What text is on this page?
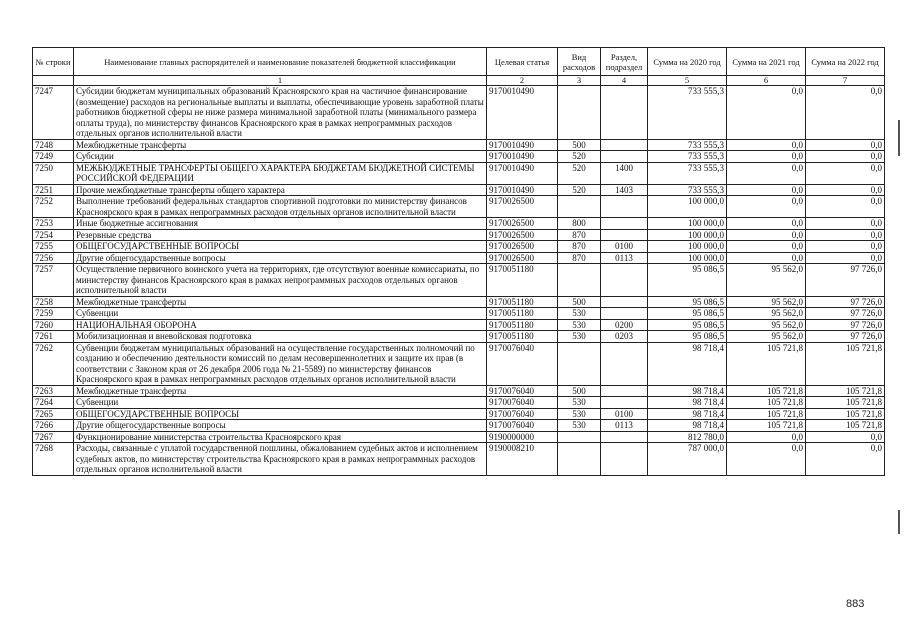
№ строки	Наименование главных распорядителей и наименование показателей бюджетной классификации	Целевая статья	Вид расходов	Раздел, подраздел	Сумма на 2020 год	Сумма на 2021 год	Сумма на 2022 год
	1	2	3	4	5	6	7
7247	Субсидии бюджетам муниципальных образований Красноярского края на частичное финансирование (возмещение) расходов на региональные выплаты и выплаты, обеспечивающие уровень заработной платы работников бюджетной сферы не ниже размера минимальной заработной платы (минимального размера оплаты труда), по министерству финансов Красноярского края в рамках непрограммных расходов отдельных органов исполнительной власти	9170010490			733 555,3	0,0	0,0
7248	Межбюджетные трансферты	9170010490	500		733 555,3	0,0	0,0
7249	Субсидии	9170010490	520		733 555,3	0,0	0,0
7250	МЕЖБЮДЖЕТНЫЕ ТРАНСФЕРТЫ ОБЩЕГО ХАРАКТЕРА БЮДЖЕТАМ БЮДЖЕТНОЙ СИСТЕМЫ РОССИЙСКОЙ ФЕДЕРАЦИИ	9170010490	520	1400	733 555,3	0,0	0,0
7251	Прочие межбюджетные трансферты общего характера	9170010490	520	1403	733 555,3	0,0	0,0
7252	Выполнение требований федеральных стандартов спортивной подготовки по министерству финансов Красноярского края в рамках непрограммных расходов отдельных органов исполнительной власти	9170026500			100 000,0	0,0	0,0
7253	Иные бюджетные ассигнования	9170026500	800		100 000,0	0,0	0,0
7254	Резервные средства	9170026500	870		100 000,0	0,0	0,0
7255	ОБЩЕГОСУДАРСТВЕННЫЕ ВОПРОСЫ	9170026500	870	0100	100 000,0	0,0	0,0
7256	Другие общегосударственные вопросы	9170026500	870	0113	100 000,0	0,0	0,0
7257	Осуществление первичного воинского учета на территориях, где отсутствуют военные комиссариаты, по министерству финансов Красноярского края в рамках непрограммных расходов отдельных органов исполнительной власти	9170051180			95 086,5	95 562,0	97 726,0
7258	Межбюджетные трансферты	9170051180	500		95 086,5	95 562,0	97 726,0
7259	Субвенции	9170051180	530		95 086,5	95 562,0	97 726,0
7260	НАЦИОНАЛЬНАЯ ОБОРОНА	9170051180	530	0200	95 086,5	95 562,0	97 726,0
7261	Мобилизационная и вневойсковая подготовка	9170051180	530	0203	95 086,5	95 562,0	97 726,0
7262	Субвенции бюджетам муниципальных образований на осуществление государственных полномочий по созданию и обеспечению деятельности комиссий по делам несовершеннолетних и защите их прав (в соответствии с Законом края от 26 декабря 2006 года № 21-5589) по министерству финансов Красноярского края в рамках непрограммных расходов отдельных органов исполнительной власти	9170076040			98 718,4	105 721,8	105 721,8
7263	Межбюджетные трансферты	9170076040	500		98 718,4	105 721,8	105 721,8
7264	Субвенции	9170076040	530		98 718,4	105 721,8	105 721,8
7265	ОБЩЕГОСУДАРСТВЕННЫЕ ВОПРОСЫ	9170076040	530	0100	98 718,4	105 721,8	105 721,8
7266	Другие общегосударственные вопросы	9170076040	530	0113	98 718,4	105 721,8	105 721,8
7267	Функционирование министерства строительства Красноярского края	9190000000			812 780,0	0,0	0,0
7268	Расходы, связанные с уплатой государственной пошлины, обжалованием судебных актов и исполнением судебных актов, по министерству строительства Красноярского края в рамках непрограммных расходов отдельных органов исполнительной власти	9190008210			787 000,0	0,0	0,0
883
